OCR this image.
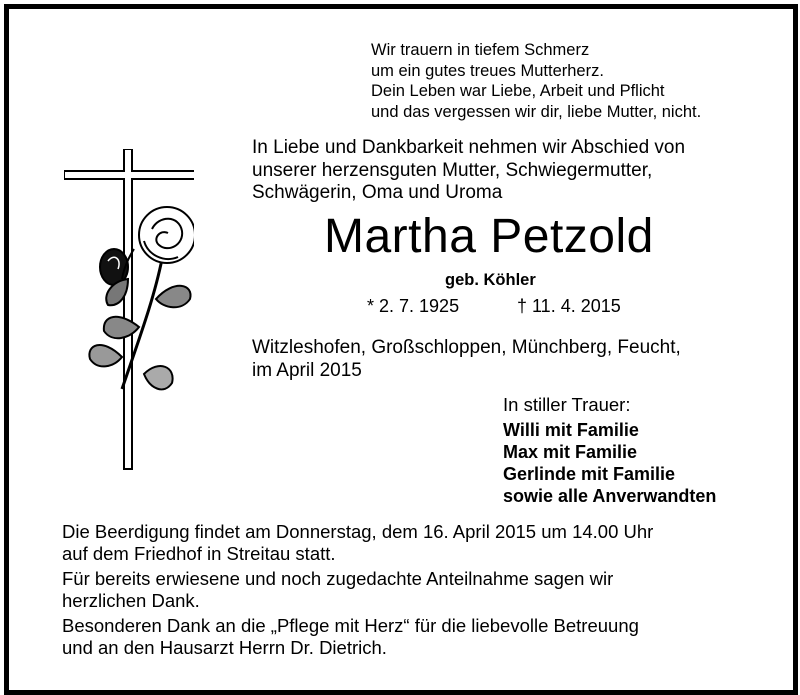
Wir trauern in tiefem Schmerz
um ein gutes treues Mutterherz.
Dein Leben war Liebe, Arbeit und Pflicht
und das vergessen wir dir, liebe Mutter, nicht.
In Liebe und Dankbarkeit nehmen wir Abschied von
unserer herzensguten Mutter, Schwiegermutter,
Schwägerin, Oma und Uroma
Martha Petzold
geb. Köhler
* 2. 7. 1925	† 11. 4. 2015
Witzleshofen, Großschloppen, Münchberg, Feucht,
im April 2015
In stiller Trauer:
Willi mit Familie
Max mit Familie
Gerlinde mit Familie
sowie alle Anverwandten

Die Beerdigung findet am Donnerstag, dem 16. April 2015 um 14.00 Uhr
auf dem Friedhof in Streitau statt.

Für bereits erwiesene und noch zugedachte Anteilnahme sagen wir
herzlichen Dank.

Besonderen Dank an die „Pflege mit Herz“ für die liebevolle Betreuung
und an den Hausarzt Herrn Dr. Dietrich.
